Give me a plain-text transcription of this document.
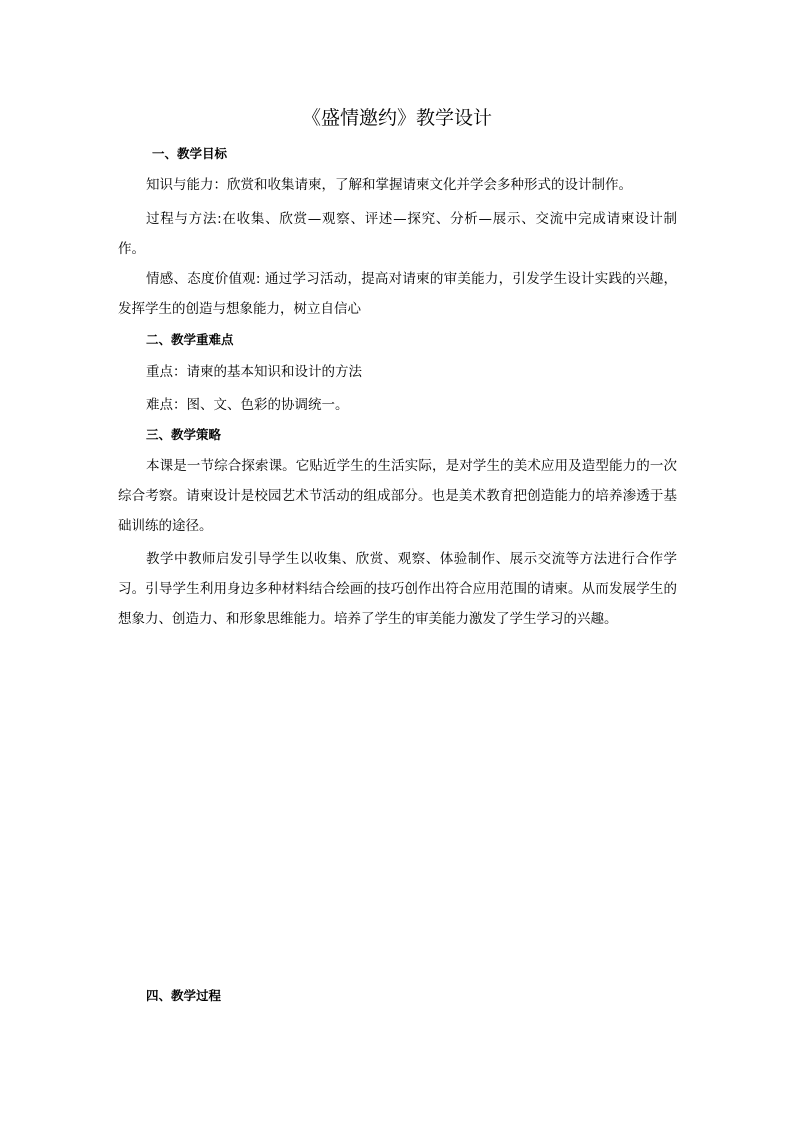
《盛情邀约》教学设计
一、教学目标

知识与能力：欣赏和收集请柬，了解和掌握请柬文化并学会多种形式的设计制作。

过程与方法:在收集、欣赏—观察、评述—探究、分析—展示、交流中完成请柬设计制作。

情感、态度价值观: 通过学习活动，提高对请柬的审美能力，引发学生设计实践的兴趣，发挥学生的创造与想象能力，树立自信心

二、教学重难点

重点：请柬的基本知识和设计的方法

难点：图、文、色彩的协调统一。

三、教学策略

本课是一节综合探索课。它贴近学生的生活实际，是对学生的美术应用及造型能力的一次综合考察。请柬设计是校园艺术节活动的组成部分。也是美术教育把创造能力的培养渗透于基础训练的途径。

教学中教师启发引导学生以收集、欣赏、观察、体验制作、展示交流等方法进行合作学习。引导学生利用身边多种材料结合绘画的技巧创作出符合应用范围的请柬。从而发展学生的想象力、创造力、和形象思维能力。培养了学生的审美能力激发了学生学习的兴趣。

四、教学过程
